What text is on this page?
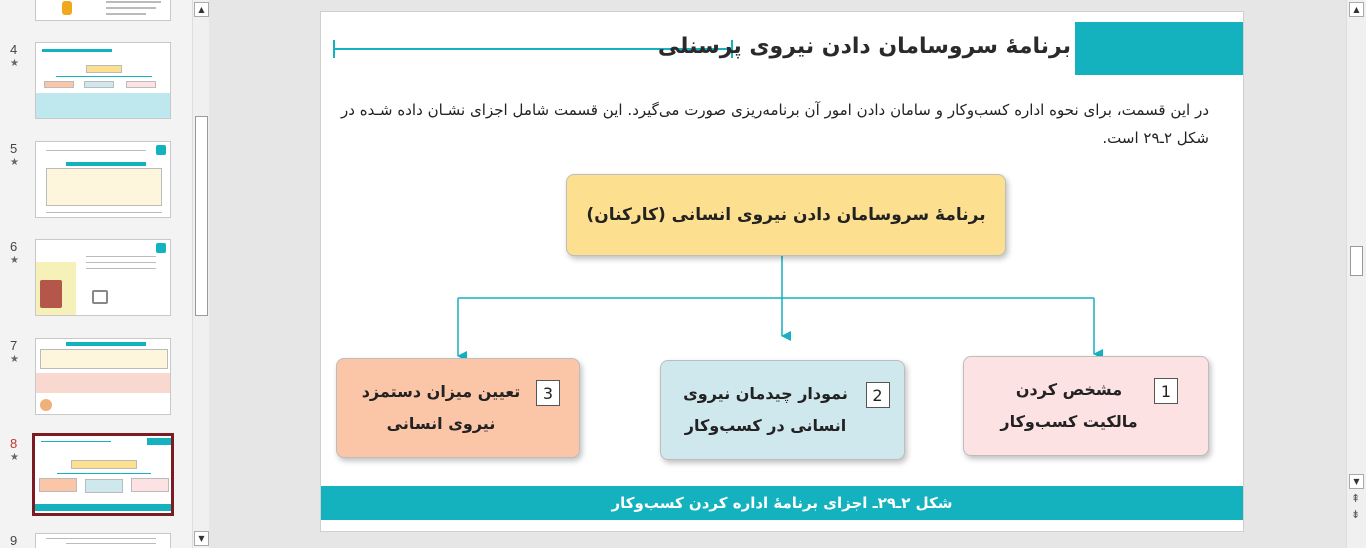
4
★
5
★
6
★
7
★
8
★
9
▲
▼
برنامهٔ سروسامان دادن نیروی پرسنلی

در این قسمت، برای نحوه اداره کسب‌وکار و سامان دادن امور آن برنامه‌ریزی صورت می‌گیرد. این قسمت شامل اجزای نشـان داده شـده در شکل ۲ـ۲۹ است.

برنامهٔ سروسامان دادن نیروی انسانی (کارکنان)
1
مشخص کردن مالکیت کسب‌وکار
2
نمودار چیدمان نیروی انسانی در کسب‌وکار
3
تعیین میزان دستمزد نیروی انسانی
شکل ۲ـ۲۹ـ اجزای برنامهٔ اداره کردن کسب‌وکار
▲
▼
⇞
⇟
